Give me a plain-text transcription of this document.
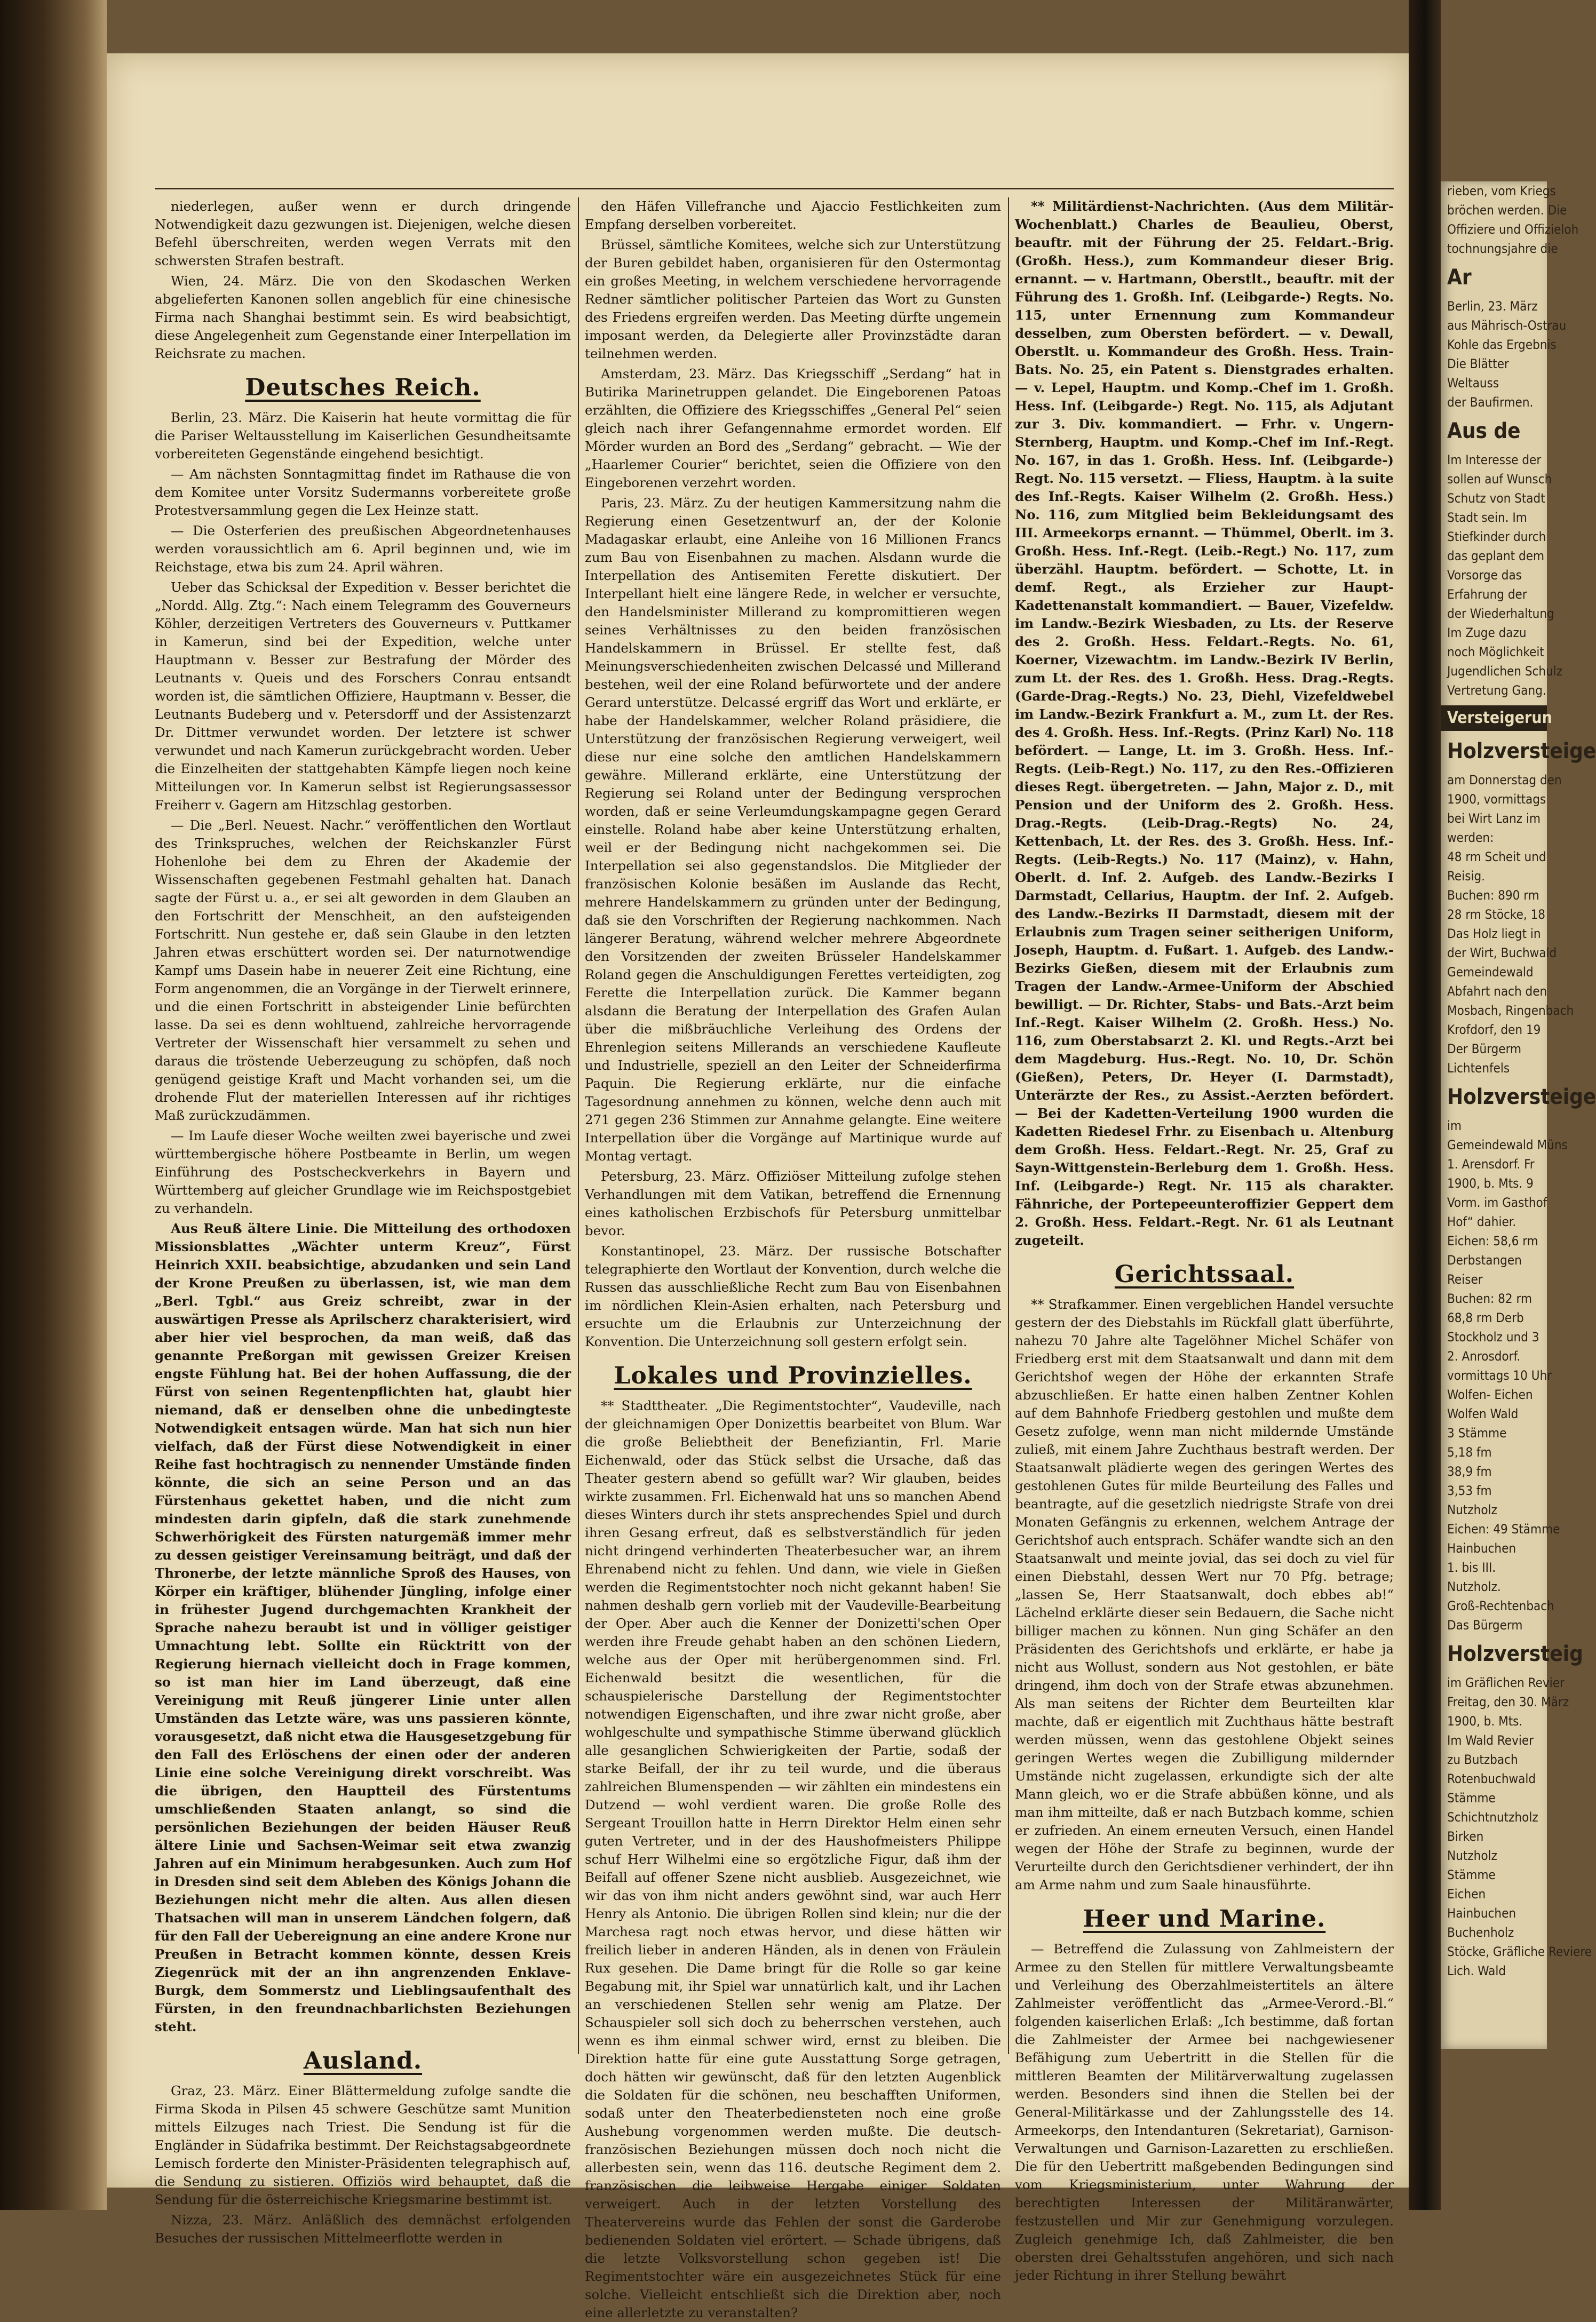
rieben, vom Kriegs
bröchen werden. Die
Offiziere und Offizieloh
tochnungsjahre die
Ar
Berlin, 23. März
aus Mährisch-Ostrau
Kohle das Ergebnis
Die Blätter
Weltauss
der Baufirmen.
Aus de
Im Interesse der
sollen auf Wunsch
Schutz von Stadt
Stadt sein. Im
Stiefkinder durch
das geplant dem
Vorsorge das
Erfahrung der
der Wiederhaltung
Im Zuge dazu
noch Möglichkeit
Jugendlichen Schulz
Vertretung Gang.
Versteigerun
Holzversteige
am Donnerstag den
1900, vormittags
bei Wirt Lanz im
werden:
48 rm Scheit und
Reisig.
Buchen: 890 rm
28 rm Stöcke, 18
Das Holz liegt in
der Wirt, Buchwald
Gemeindewald
Abfahrt nach den
Mosbach, Ringenbach
Krofdorf, den 19
Der Bürgerm
Lichtenfels
Holzversteige
im
Gemeindewald Müns
1. Arensdorf. Fr
1900, b. Mts. 9
Vorm. im Gasthof
Hof“ dahier.
Eichen: 58,6 rm
Derbstangen
Reiser
Buchen: 82 rm
68,8 rm Derb
Stockholz und 3
2. Anrosdorf.
vormittags 10 Uhr
Wolfen- Eichen
Wolfen Wald
3 Stämme
5,18 fm
38,9 fm
3,53 fm
Nutzholz
Eichen: 49 Stämme
Hainbuchen
1. bis III.
Nutzholz.
Groß-Rechtenbach
Das Bürgerm
Holzversteig
im Gräflichen Revier
Freitag, den 30. März
1900, b. Mts.
Im Wald Revier
zu Butzbach
Rotenbuchwald
Stämme
Schichtnutzholz
Birken
Nutzholz
Stämme
Eichen
Hainbuchen
Buchenholz
Stöcke, Gräfliche Reviere
Lich. Wald

niederlegen, außer wenn er durch dringende Notwendigkeit dazu gezwungen ist. Diejenigen, welche diesen Befehl überschreiten, werden wegen Verrats mit den schwersten Strafen bestraft.

Wien, 24. März. Die von den Skodaschen Werken abgelieferten Kanonen sollen angeblich für eine chinesische Firma nach Shanghai bestimmt sein. Es wird beabsichtigt, diese Angelegenheit zum Gegenstande einer Interpellation im Reichsrate zu machen.

Deutsches Reich.

Berlin, 23. März. Die Kaiserin hat heute vormittag die für die Pariser Weltausstellung im Kaiserlichen Gesundheitsamte vorbereiteten Gegenstände eingehend besichtigt.

— Am nächsten Sonntagmittag findet im Rathause die von dem Komitee unter Vorsitz Sudermanns vorbereitete große Protestversammlung gegen die Lex Heinze statt.

— Die Osterferien des preußischen Abgeordnetenhauses werden voraussichtlich am 6. April beginnen und, wie im Reichstage, etwa bis zum 24. April währen.

Ueber das Schicksal der Expedition v. Besser berichtet die „Nordd. Allg. Ztg.“: Nach einem Telegramm des Gouverneurs Köhler, derzeitigen Vertreters des Gouverneurs v. Puttkamer in Kamerun, sind bei der Expedition, welche unter Hauptmann v. Besser zur Bestrafung der Mörder des Leutnants v. Queis und des Forschers Conrau entsandt worden ist, die sämtlichen Offiziere, Hauptmann v. Besser, die Leutnants Budeberg und v. Petersdorff und der Assistenzarzt Dr. Dittmer verwundet worden. Der letztere ist schwer verwundet und nach Kamerun zurückgebracht worden. Ueber die Einzelheiten der stattgehabten Kämpfe liegen noch keine Mitteilungen vor. In Kamerun selbst ist Regierungsassessor Freiherr v. Gagern am Hitzschlag gestorben.

— Die „Berl. Neuest. Nachr.“ veröffentlichen den Wortlaut des Trinkspruches, welchen der Reichskanzler Fürst Hohenlohe bei dem zu Ehren der Akademie der Wissenschaften gegebenen Festmahl gehalten hat. Danach sagte der Fürst u. a., er sei alt geworden in dem Glauben an den Fortschritt der Menschheit, an den aufsteigenden Fortschritt. Nun gestehe er, daß sein Glaube in den letzten Jahren etwas erschüttert worden sei. Der naturnotwendige Kampf ums Dasein habe in neuerer Zeit eine Richtung, eine Form angenommen, die an Vorgänge in der Tierwelt erinnere, und die einen Fortschritt in absteigender Linie befürchten lasse. Da sei es denn wohltuend, zahlreiche hervorragende Vertreter der Wissenschaft hier versammelt zu sehen und daraus die tröstende Ueberzeugung zu schöpfen, daß noch genügend geistige Kraft und Macht vorhanden sei, um die drohende Flut der materiellen Interessen auf ihr richtiges Maß zurückzudämmen.

— Im Laufe dieser Woche weilten zwei bayerische und zwei württembergische höhere Postbeamte in Berlin, um wegen Einführung des Postscheckverkehrs in Bayern und Württemberg auf gleicher Grundlage wie im Reichspostgebiet zu verhandeln.

Aus Reuß ältere Linie. Die Mitteilung des orthodoxen Missionsblattes „Wächter unterm Kreuz“, Fürst Heinrich XXII. beabsichtige, abzudanken und sein Land der Krone Preußen zu überlassen, ist, wie man dem „Berl. Tgbl.“ aus Greiz schreibt, zwar in der auswärtigen Presse als Aprilscherz charakterisiert, wird aber hier viel besprochen, da man weiß, daß das genannte Preßorgan mit gewissen Greizer Kreisen engste Fühlung hat. Bei der hohen Auffassung, die der Fürst von seinen Regentenpflichten hat, glaubt hier niemand, daß er denselben ohne die unbedingteste Notwendigkeit entsagen würde. Man hat sich nun hier vielfach, daß der Fürst diese Notwendigkeit in einer Reihe fast hochtragisch zu nennender Umstände finden könnte, die sich an seine Person und an das Fürstenhaus gekettet haben, und die nicht zum mindesten darin gipfeln, daß die stark zunehmende Schwerhörigkeit des Fürsten naturgemäß immer mehr zu dessen geistiger Vereinsamung beiträgt, und daß der Thronerbe, der letzte männliche Sproß des Hauses, von Körper ein kräftiger, blühender Jüngling, infolge einer in frühester Jugend durchgemachten Krankheit der Sprache nahezu beraubt ist und in völliger geistiger Umnachtung lebt. Sollte ein Rücktritt von der Regierung hiernach vielleicht doch in Frage kommen, so ist man hier im Land überzeugt, daß eine Vereinigung mit Reuß jüngerer Linie unter allen Umständen das Letzte wäre, was uns passieren könnte, vorausgesetzt, daß nicht etwa die Hausgesetzgebung für den Fall des Erlöschens der einen oder der anderen Linie eine solche Vereinigung direkt vorschreibt. Was die übrigen, den Hauptteil des Fürstentums umschließenden Staaten anlangt, so sind die persönlichen Beziehungen der beiden Häuser Reuß ältere Linie und Sachsen-Weimar seit etwa zwanzig Jahren auf ein Minimum herabgesunken. Auch zum Hof in Dresden sind seit dem Ableben des Königs Johann die Beziehungen nicht mehr die alten. Aus allen diesen Thatsachen will man in unserem Ländchen folgern, daß für den Fall der Uebereignung an eine andere Krone nur Preußen in Betracht kommen könnte, dessen Kreis Ziegenrück mit der an ihn angrenzenden Enklave-Burgk, dem Sommerstz und Lieblingsaufenthalt des Fürsten, in den freundnachbarlichsten Beziehungen steht.

Ausland.

Graz, 23. März. Einer Blättermeldung zufolge sandte die Firma Skoda in Pilsen 45 schwere Geschütze samt Munition mittels Eilzuges nach Triest. Die Sendung ist für die Engländer in Südafrika bestimmt. Der Reichstagsabgeordnete Lemisch forderte den Minister-Präsidenten telegraphisch auf, die Sendung zu sistieren. Offiziös wird behauptet, daß die Sendung für die österreichische Kriegsmarine bestimmt ist.

Nizza, 23. März. Anläßlich des demnächst erfolgenden Besuches der russischen Mittelmeerflotte werden in

den Häfen Villefranche und Ajaccio Festlichkeiten zum Empfang derselben vorbereitet.

Brüssel, sämtliche Komitees, welche sich zur Unterstützung der Buren gebildet haben, organisieren für den Ostermontag ein großes Meeting, in welchem verschiedene hervorragende Redner sämtlicher politischer Parteien das Wort zu Gunsten des Friedens ergreifen werden. Das Meeting dürfte ungemein imposant werden, da Delegierte aller Provinzstädte daran teilnehmen werden.

Amsterdam, 23. März. Das Kriegsschiff „Serdang“ hat in Butirika Marinetruppen gelandet. Die Eingeborenen Patoas erzählten, die Offiziere des Kriegsschiffes „General Pel“ seien gleich nach ihrer Gefangennahme ermordet worden. Elf Mörder wurden an Bord des „Serdang“ gebracht. — Wie der „Haarlemer Courier“ berichtet, seien die Offiziere von den Eingeborenen verzehrt worden.

Paris, 23. März. Zu der heutigen Kammersitzung nahm die Regierung einen Gesetzentwurf an, der der Kolonie Madagaskar erlaubt, eine Anleihe von 16 Millionen Francs zum Bau von Eisenbahnen zu machen. Alsdann wurde die Interpellation des Antisemiten Ferette diskutiert. Der Interpellant hielt eine längere Rede, in welcher er versuchte, den Handelsminister Millerand zu kompromittieren wegen seines Verhältnisses zu den beiden französischen Handelskammern in Brüssel. Er stellte fest, daß Meinungsverschiedenheiten zwischen Delcassé und Millerand bestehen, weil der eine Roland befürwortete und der andere Gerard unterstütze. Delcassé ergriff das Wort und erklärte, er habe der Handelskammer, welcher Roland präsidiere, die Unterstützung der französischen Regierung verweigert, weil diese nur eine solche den amtlichen Handelskammern gewähre. Millerand erklärte, eine Unterstützung der Regierung sei Roland unter der Bedingung versprochen worden, daß er seine Verleumdungskampagne gegen Gerard einstelle. Roland habe aber keine Unterstützung erhalten, weil er der Bedingung nicht nachgekommen sei. Die Interpellation sei also gegenstandslos. Die Mitglieder der französischen Kolonie besäßen im Auslande das Recht, mehrere Handelskammern zu gründen unter der Bedingung, daß sie den Vorschriften der Regierung nachkommen. Nach längerer Beratung, während welcher mehrere Abgeordnete den Vorsitzenden der zweiten Brüsseler Handelskammer Roland gegen die Anschuldigungen Ferettes verteidigten, zog Ferette die Interpellation zurück. Die Kammer begann alsdann die Beratung der Interpellation des Grafen Aulan über die mißbräuchliche Verleihung des Ordens der Ehrenlegion seitens Millerands an verschiedene Kaufleute und Industrielle, speziell an den Leiter der Schneiderfirma Paquin. Die Regierung erklärte, nur die einfache Tagesordnung annehmen zu können, welche denn auch mit 271 gegen 236 Stimmen zur Annahme gelangte. Eine weitere Interpellation über die Vorgänge auf Martinique wurde auf Montag vertagt.

Petersburg, 23. März. Offiziöser Mitteilung zufolge stehen Verhandlungen mit dem Vatikan, betreffend die Ernennung eines katholischen Erzbischofs für Petersburg unmittelbar bevor.

Konstantinopel, 23. März. Der russische Botschafter telegraphierte den Wortlaut der Konvention, durch welche die Russen das ausschließliche Recht zum Bau von Eisenbahnen im nördlichen Klein-Asien erhalten, nach Petersburg und ersuchte um die Erlaubnis zur Unterzeichnung der Konvention. Die Unterzeichnung soll gestern erfolgt sein.

Lokales und Provinzielles.

** Stadttheater. „Die Regimentstochter“, Vaudeville, nach der gleichnamigen Oper Donizettis bearbeitet von Blum. War die große Beliebtheit der Benefiziantin, Frl. Marie Eichenwald, oder das Stück selbst die Ursache, daß das Theater gestern abend so gefüllt war? Wir glauben, beides wirkte zusammen. Frl. Eichenwald hat uns so manchen Abend dieses Winters durch ihr stets ansprechendes Spiel und durch ihren Gesang erfreut, daß es selbstverständlich für jeden nicht dringend verhinderten Theaterbesucher war, an ihrem Ehrenabend nicht zu fehlen. Und dann, wie viele in Gießen werden die Regimentstochter noch nicht gekannt haben! Sie nahmen deshalb gern vorlieb mit der Vaudeville-Bearbeitung der Oper. Aber auch die Kenner der Donizetti'schen Oper werden ihre Freude gehabt haben an den schönen Liedern, welche aus der Oper mit herübergenommen sind. Frl. Eichenwald besitzt die wesentlichen, für die schauspielerische Darstellung der Regimentstochter notwendigen Eigenschaften, und ihre zwar nicht große, aber wohlgeschulte und sympathische Stimme überwand glücklich alle gesanglichen Schwierigkeiten der Partie, sodaß der starke Beifall, der ihr zu teil wurde, und die überaus zahlreichen Blumenspenden — wir zählten ein mindestens ein Dutzend — wohl verdient waren. Die große Rolle des Sergeant Trouillon hatte in Herrn Direktor Helm einen sehr guten Vertreter, und in der des Haushofmeisters Philippe schuf Herr Wilhelmi eine so ergötzliche Figur, daß ihm der Beifall auf offener Szene nicht ausblieb. Ausgezeichnet, wie wir das von ihm nicht anders gewöhnt sind, war auch Herr Henry als Antonio. Die übrigen Rollen sind klein; nur die der Marchesa ragt noch etwas hervor, und diese hätten wir freilich lieber in anderen Händen, als in denen von Fräulein Rux gesehen. Die Dame bringt für die Rolle so gar keine Begabung mit, ihr Spiel war unnatürlich kalt, und ihr Lachen an verschiedenen Stellen sehr wenig am Platze. Der Schauspieler soll sich doch zu beherrschen verstehen, auch wenn es ihm einmal schwer wird, ernst zu bleiben. Die Direktion hatte für eine gute Ausstattung Sorge getragen, doch hätten wir gewünscht, daß für den letzten Augenblick die Soldaten für die schönen, neu beschafften Uniformen, sodaß unter den Theaterbediensteten noch eine große Aushebung vorgenommen werden mußte. Die deutsch-französischen Beziehungen müssen doch noch nicht die allerbesten sein, wenn das 116. deutsche Regiment dem 2. französischen die leibweise Hergabe einiger Soldaten verweigert. Auch in der letzten Vorstellung des Theatervereins wurde das Fehlen der sonst die Garderobe bedienenden Soldaten viel erörtert. — Schade übrigens, daß die letzte Volksvorstellung schon gegeben ist! Die Regimentstochter wäre ein ausgezeichnetes Stück für eine solche. Vielleicht entschließt sich die Direktion aber, noch eine allerletzte zu veranstalten?

** Militärdienst-Nachrichten. (Aus dem Militär-Wochenblatt.) Charles de Beaulieu, Oberst, beauftr. mit der Führung der 25. Feldart.-Brig. (Großh. Hess.), zum Kommandeur dieser Brig. ernannt. — v. Hartmann, Oberstlt., beauftr. mit der Führung des 1. Großh. Inf. (Leibgarde-) Regts. No. 115, unter Ernennung zum Kommandeur desselben, zum Obersten befördert. — v. Dewall, Oberstlt. u. Kommandeur des Großh. Hess. Train-Bats. No. 25, ein Patent s. Dienstgrades erhalten. — v. Lepel, Hauptm. und Komp.-Chef im 1. Großh. Hess. Inf. (Leibgarde-) Regt. No. 115, als Adjutant zur 3. Div. kommandiert. — Frhr. v. Ungern-Sternberg, Hauptm. und Komp.-Chef im Inf.-Regt. No. 167, in das 1. Großh. Hess. Inf. (Leibgarde-) Regt. No. 115 versetzt. — Fliess, Hauptm. à la suite des Inf.-Regts. Kaiser Wilhelm (2. Großh. Hess.) No. 116, zum Mitglied beim Bekleidungsamt des III. Armeekorps ernannt. — Thümmel, Oberlt. im 3. Großh. Hess. Inf.-Regt. (Leib.-Regt.) No. 117, zum überzähl. Hauptm. befördert. — Schotte, Lt. in demf. Regt., als Erzieher zur Haupt-Kadettenanstalt kommandiert. — Bauer, Vizefeldw. im Landw.-Bezirk Wiesbaden, zu Lts. der Reserve des 2. Großh. Hess. Feldart.-Regts. No. 61, Koerner, Vizewachtm. im Landw.-Bezirk IV Berlin, zum Lt. der Res. des 1. Großh. Hess. Drag.-Regts. (Garde-Drag.-Regts.) No. 23, Diehl, Vizefeldwebel im Landw.-Bezirk Frankfurt a. M., zum Lt. der Res. des 4. Großh. Hess. Inf.-Regts. (Prinz Karl) No. 118 befördert. — Lange, Lt. im 3. Großh. Hess. Inf.-Regts. (Leib-Regt.) No. 117, zu den Res.-Offizieren dieses Regt. übergetreten. — Jahn, Major z. D., mit Pension und der Uniform des 2. Großh. Hess. Drag.-Regts. (Leib-Drag.-Regts) No. 24, Kettenbach, Lt. der Res. des 3. Großh. Hess. Inf.-Regts. (Leib-Regts.) No. 117 (Mainz), v. Hahn, Oberlt. d. Inf. 2. Aufgeb. des Landw.-Bezirks I Darmstadt, Cellarius, Hauptm. der Inf. 2. Aufgeb. des Landw.-Bezirks II Darmstadt, diesem mit der Erlaubnis zum Tragen seiner seitherigen Uniform, Joseph, Hauptm. d. Fußart. 1. Aufgeb. des Landw.-Bezirks Gießen, diesem mit der Erlaubnis zum Tragen der Landw.-Armee-Uniform der Abschied bewilligt. — Dr. Richter, Stabs- und Bats.-Arzt beim Inf.-Regt. Kaiser Wilhelm (2. Großh. Hess.) No. 116, zum Oberstabsarzt 2. Kl. und Regts.-Arzt bei dem Magdeburg. Hus.-Regt. No. 10, Dr. Schön (Gießen), Peters, Dr. Heyer (I. Darmstadt), Unterärzte der Res., zu Assist.-Aerzten befördert. — Bei der Kadetten-Verteilung 1900 wurden die Kadetten Riedesel Frhr. zu Eisenbach u. Altenburg dem Großh. Hess. Feldart.-Regt. Nr. 25, Graf zu Sayn-Wittgenstein-Berleburg dem 1. Großh. Hess. Inf. (Leibgarde-) Regt. Nr. 115 als charakter. Fähnriche, der Portepeeunteroffizier Geppert dem 2. Großh. Hess. Feldart.-Regt. Nr. 61 als Leutnant zugeteilt.

Gerichtssaal.

** Strafkammer. Einen vergeblichen Handel versuchte gestern der des Diebstahls im Rückfall glatt überführte, nahezu 70 Jahre alte Tagelöhner Michel Schäfer von Friedberg erst mit dem Staatsanwalt und dann mit dem Gerichtshof wegen der Höhe der erkannten Strafe abzuschließen. Er hatte einen halben Zentner Kohlen auf dem Bahnhofe Friedberg gestohlen und mußte dem Gesetz zufolge, wenn man nicht mildernde Umstände zuließ, mit einem Jahre Zuchthaus bestraft werden. Der Staatsanwalt plädierte wegen des geringen Wertes des gestohlenen Gutes für milde Beurteilung des Falles und beantragte, auf die gesetzlich niedrigste Strafe von drei Monaten Gefängnis zu erkennen, welchem Antrage der Gerichtshof auch entsprach. Schäfer wandte sich an den Staatsanwalt und meinte jovial, das sei doch zu viel für einen Diebstahl, dessen Wert nur 70 Pfg. betrage; „lassen Se, Herr Staatsanwalt, doch ebbes ab!“ Lächelnd erklärte dieser sein Bedauern, die Sache nicht billiger machen zu können. Nun ging Schäfer an den Präsidenten des Gerichtshofs und erklärte, er habe ja nicht aus Wollust, sondern aus Not gestohlen, er bäte dringend, ihm doch von der Strafe etwas abzunehmen. Als man seitens der Richter dem Beurteilten klar machte, daß er eigentlich mit Zuchthaus hätte bestraft werden müssen, wenn das gestohlene Objekt seines geringen Wertes wegen die Zubilligung mildernder Umstände nicht zugelassen, erkundigte sich der alte Mann gleich, wo er die Strafe abbüßen könne, und als man ihm mitteilte, daß er nach Butzbach komme, schien er zufrieden. An einem erneuten Versuch, einen Handel wegen der Höhe der Strafe zu beginnen, wurde der Verurteilte durch den Gerichtsdiener verhindert, der ihn am Arme nahm und zum Saale hinausführte.

Heer und Marine.

— Betreffend die Zulassung von Zahlmeistern der Armee zu den Stellen für mittlere Verwaltungsbeamte und Verleihung des Oberzahlmeistertitels an ältere Zahlmeister veröffentlicht das „Armee-Verord.-Bl.“ folgenden kaiserlichen Erlaß: „Ich bestimme, daß fortan die Zahlmeister der Armee bei nachgewiesener Befähigung zum Uebertritt in die Stellen für die mittleren Beamten der Militärverwaltung zugelassen werden. Besonders sind ihnen die Stellen bei der General-Militärkasse und der Zahlungsstelle des 14. Armeekorps, den Intendanturen (Sekretariat), Garnison-Verwaltungen und Garnison-Lazaretten zu erschließen. Die für den Uebertritt maßgebenden Bedingungen sind vom Kriegsministerium, unter Wahrung der berechtigten Interessen der Militäranwärter, festzustellen und Mir zur Genehmigung vorzulegen. Zugleich genehmige Ich, daß Zahlmeister, die ben obersten drei Gehaltsstufen angehören, und sich nach jeder Richtung in ihrer Stellung bewährt
